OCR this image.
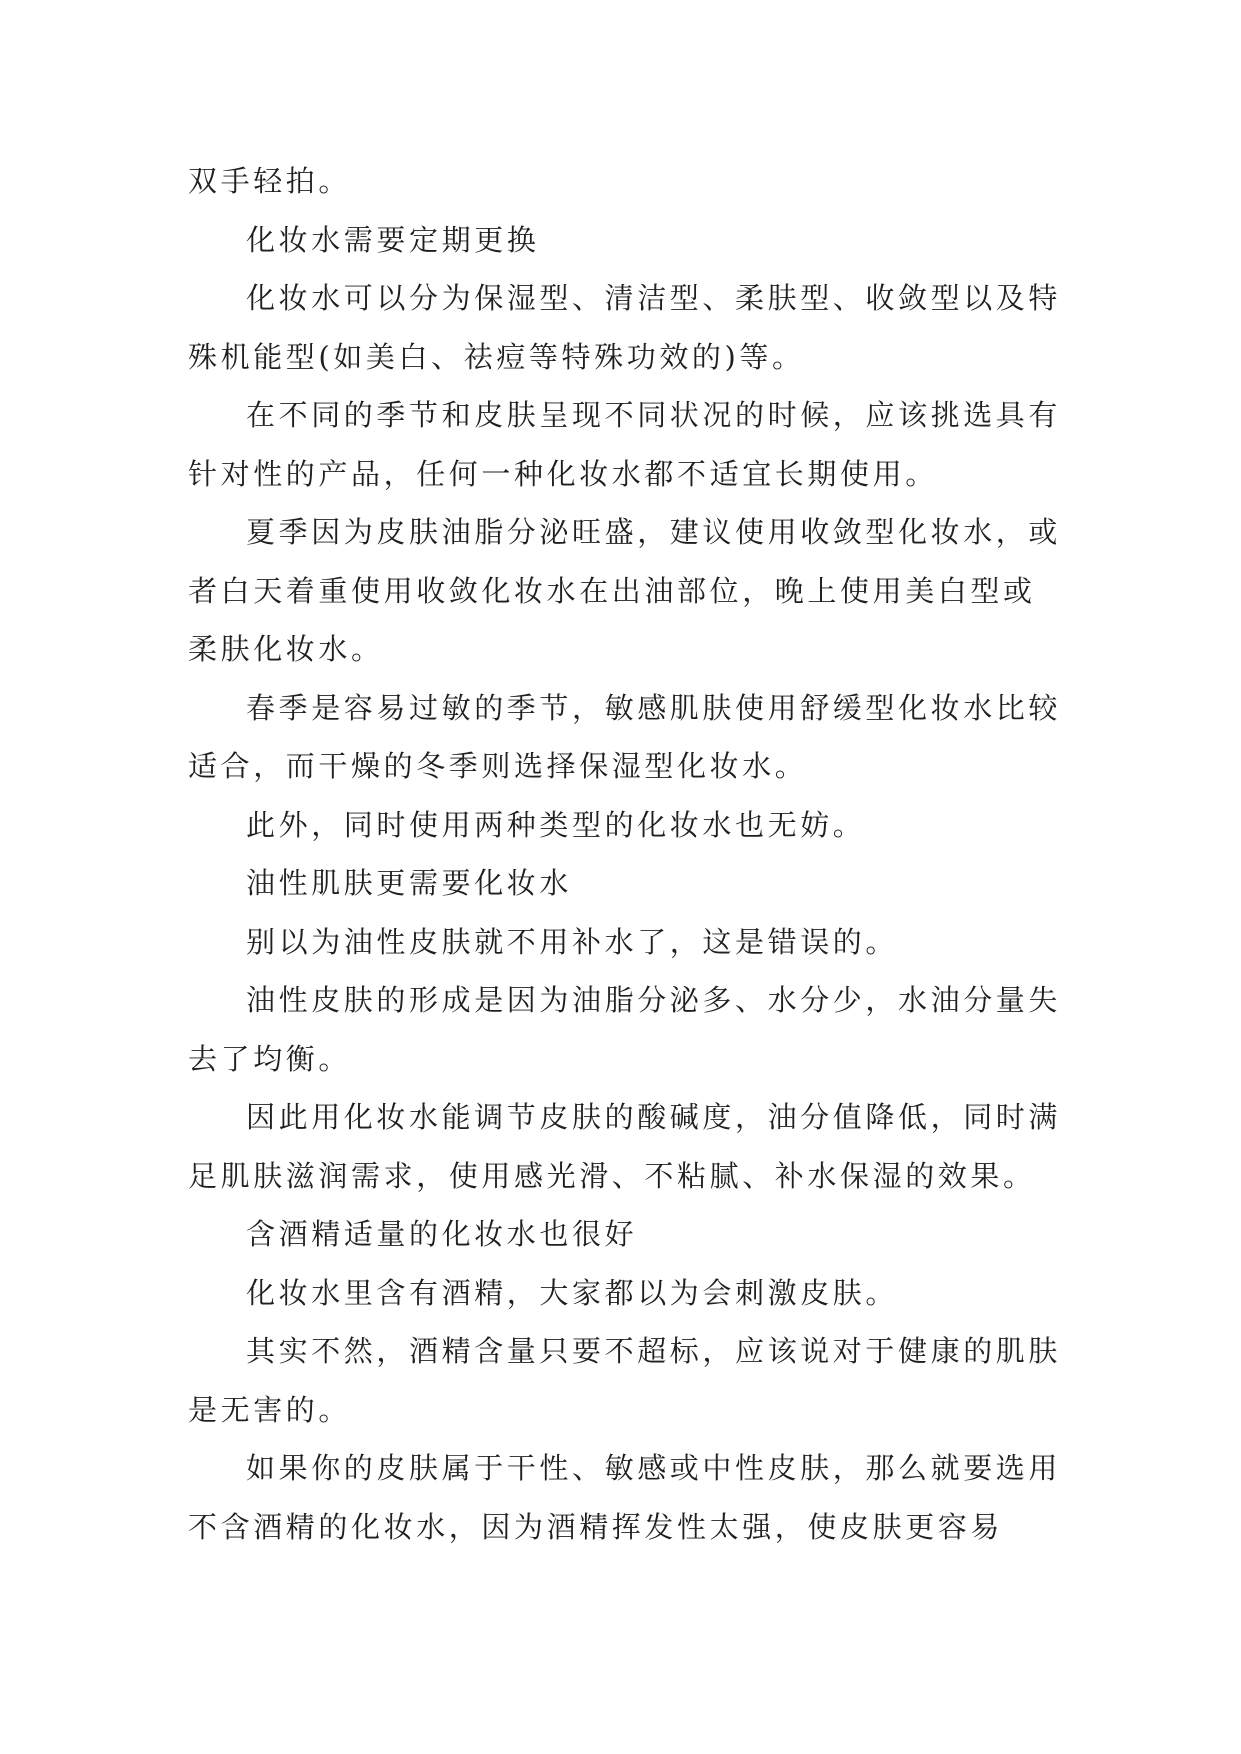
双手轻拍。

化妆水需要定期更换

化妆水可以分为保湿型、清洁型、柔肤型、收敛型以及特殊机能型(如美白、祛痘等特殊功效的)等。

在不同的季节和皮肤呈现不同状况的时候，应该挑选具有针对性的产品，任何一种化妆水都不适宜长期使用。

夏季因为皮肤油脂分泌旺盛，建议使用收敛型化妆水，或者白天着重使用收敛化妆水在出油部位，晚上使用美白型或柔肤化妆水。

春季是容易过敏的季节，敏感肌肤使用舒缓型化妆水比较适合，而干燥的冬季则选择保湿型化妆水。

此外，同时使用两种类型的化妆水也无妨。

油性肌肤更需要化妆水

别以为油性皮肤就不用补水了，这是错误的。

油性皮肤的形成是因为油脂分泌多、水分少，水油分量失去了均衡。

因此用化妆水能调节皮肤的酸碱度，油分值降低，同时满足肌肤滋润需求，使用感光滑、不粘腻、补水保湿的效果。

含酒精适量的化妆水也很好

化妆水里含有酒精，大家都以为会刺激皮肤。

其实不然，酒精含量只要不超标，应该说对于健康的肌肤是无害的。

如果你的皮肤属于干性、敏感或中性皮肤，那么就要选用不含酒精的化妆水，因为酒精挥发性太强，使皮肤更容易
